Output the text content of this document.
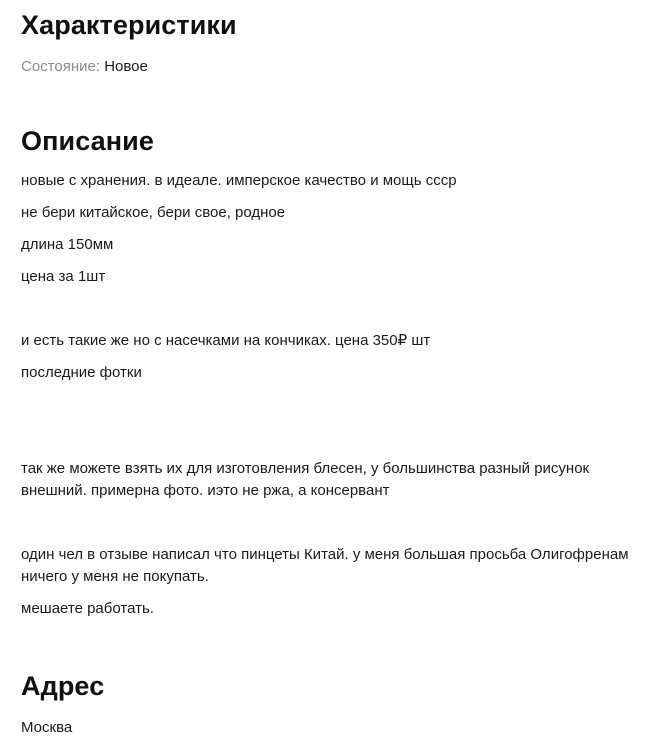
Характеристики
Состояние: Новое
Описание

новые с хранения. в идеале. имперское качество и мощь ссср

не бери китайское, бери свое, родное

длина 150мм

цена за 1шт

и есть такие же но с насечками на кончиках. цена 350₽ шт

последние фотки

так же можете взять их для изготовления блесен, у большинства разный рисунок внешний. примерна фото. иэто не ржа, а консервант

один чел в отзыве написал что пинцеты Китай. у меня большая просьба Олигофренам ничего у меня не покупать.

мешаете работать.

Адрес
Москва
